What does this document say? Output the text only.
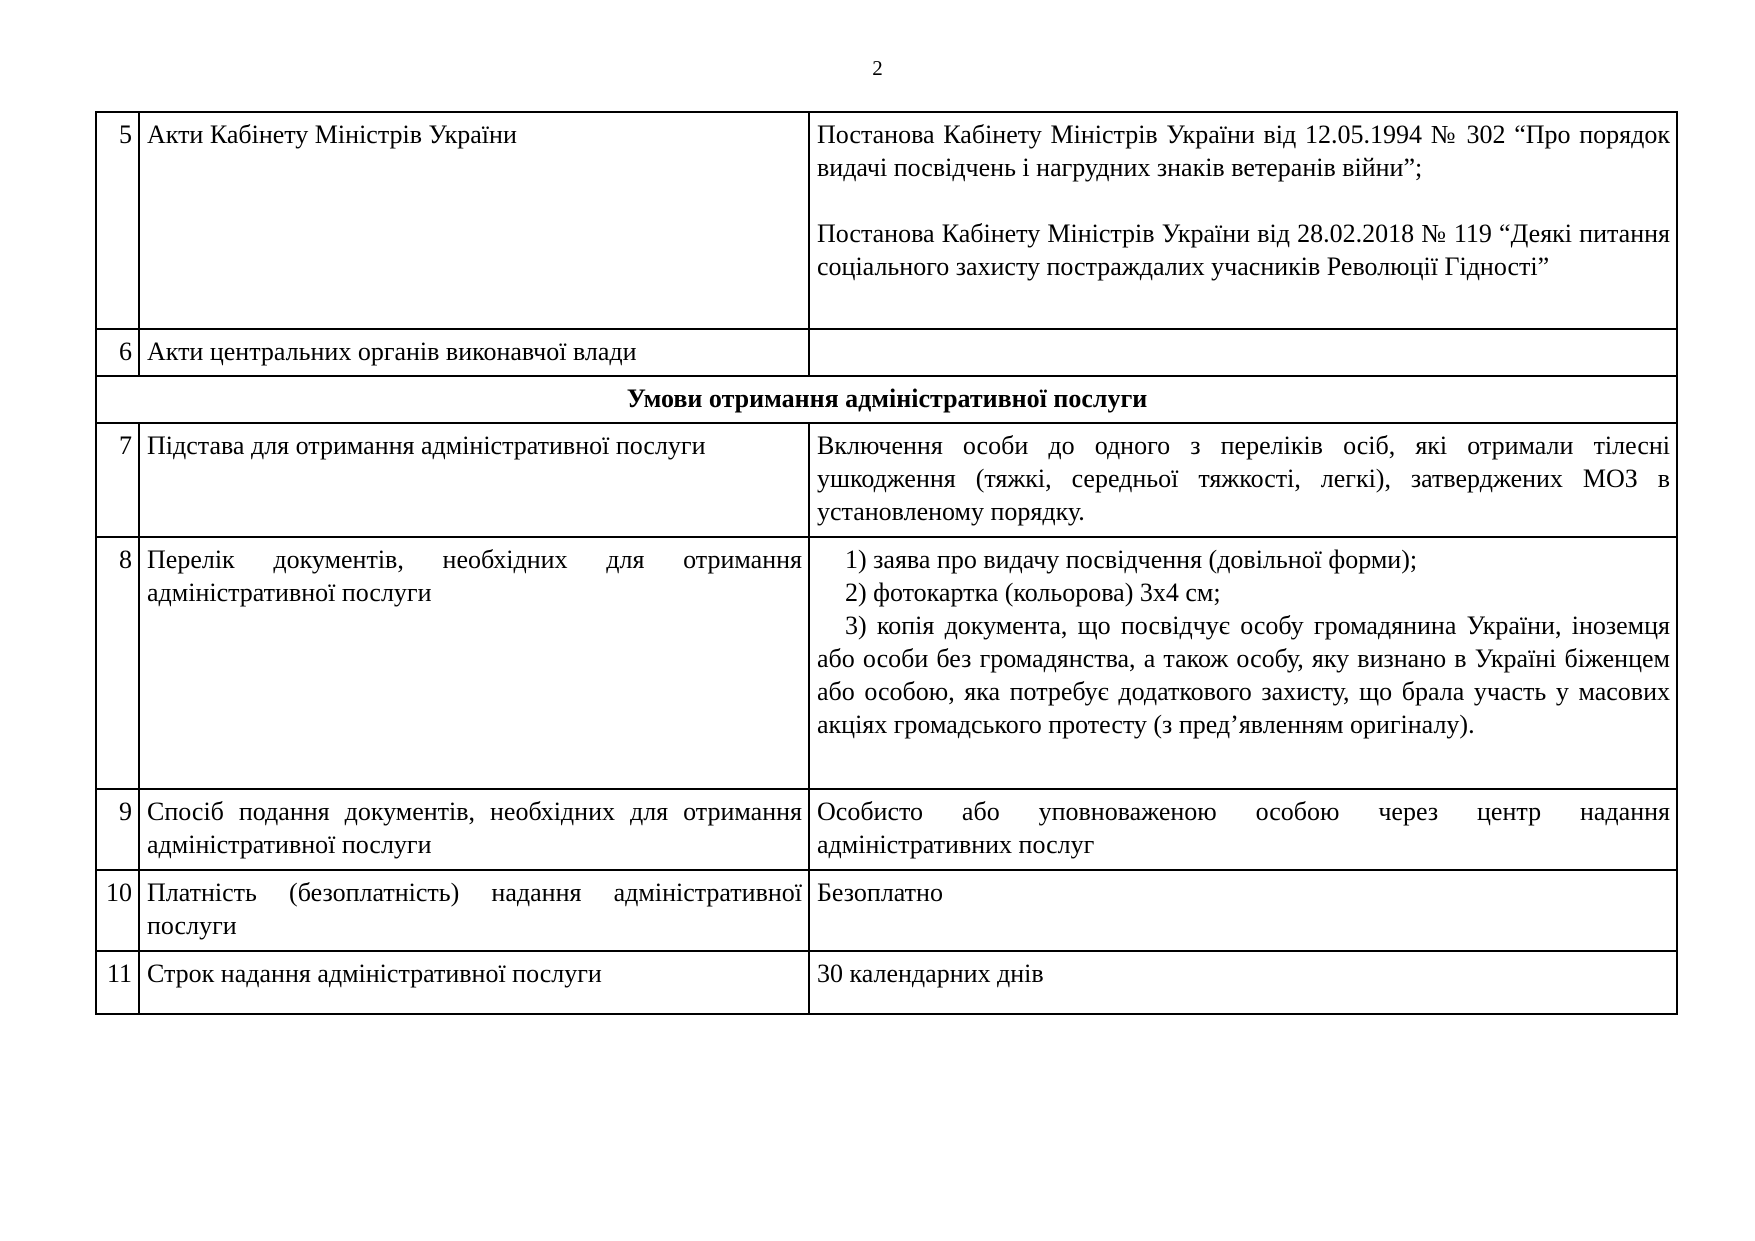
2
5	Акти Кабінету Міністрів України	Постанова Кабінету Міністрів України від 12.05.1994 № 302 “Про порядок видачі посвідчень і нагрудних знаків ветеранів війни”;

Постанова Кабінету Міністрів України від 28.02.2018 № 119 “Деякі питання соціального захисту постраждалих учасників Революції Гідності”

6	Акти центральних органів виконавчої влади	
Умови отримання адміністративної послуги		
7	Підстава для отримання адміністративної послуги	Включення особи до одного з переліків осіб, які отримали тілесні ушкодження (тяжкі, середньої тяжкості, легкі), затверджених МОЗ в установленому порядку.
8	Перелік документів, необхідних для отримання адміністративної послуги	1) заява про видачу посвідчення (довільної форми);

2) фотокартка (кольорова) 3х4 см;

3) копія документа, що посвідчує особу громадянина України, іноземця або особи без громадянства, а також особу, яку визнано в Україні біженцем або особою, яка потребує додаткового захисту, що брала участь у масових акціях громадського протесту (з пред’явленням оригіналу).

9	Спосіб подання документів, необхідних для отримання адміністративної послуги	Особисто або уповноваженою особою через центр надання адміністративних послуг
10	Платність (безоплатність) надання адміністративної послуги	Безоплатно
11	Строк надання адміністративної послуги	30 календарних днів
